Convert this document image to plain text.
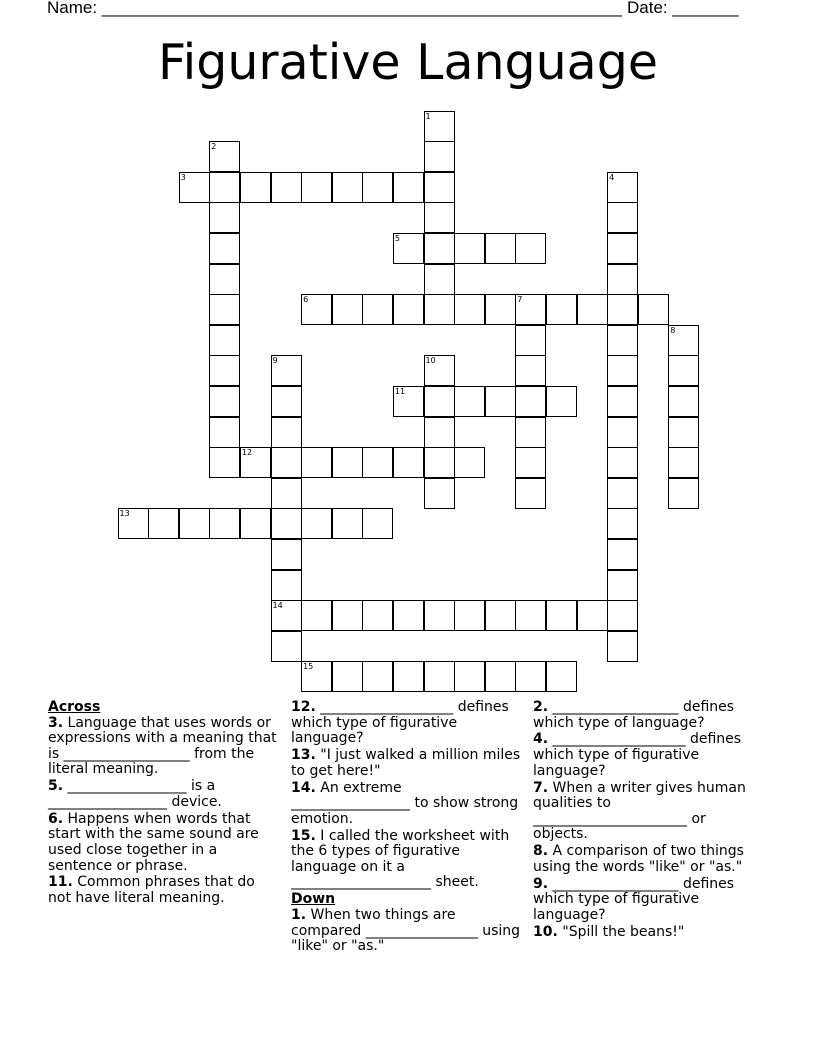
Name: _______________________________________________________ Date: _______
Figurative Language
1
2
3	4
5
6	7
8
9
14
10
11
12
13
15
Across
3. Language that uses words or expressions with a meaning that is __________________ from the literal meaning.
5. _________________ is a _________________ device.
6. Happens when words that start with the same sound are used close together in a sentence or phrase.
11. Common phrases that do not have literal meaning.
12. ___________________ defines which type of figurative language?
13. "I just walked a million miles to get here!"
14. An extreme _________________ to show strong emotion.
15. I called the worksheet with the 6 types of figurative language on it a ____________________ sheet.
Down
1. When two things are compared ________________ using "like" or "as."
2. __________________ defines which type of language?
4. ___________________ defines which type of figurative language?
7. When a writer gives human qualities to ______________________ or objects.
8. A comparison of two things using the words "like" or "as."
9. __________________ defines which type of figurative language?
10. "Spill the beans!"
